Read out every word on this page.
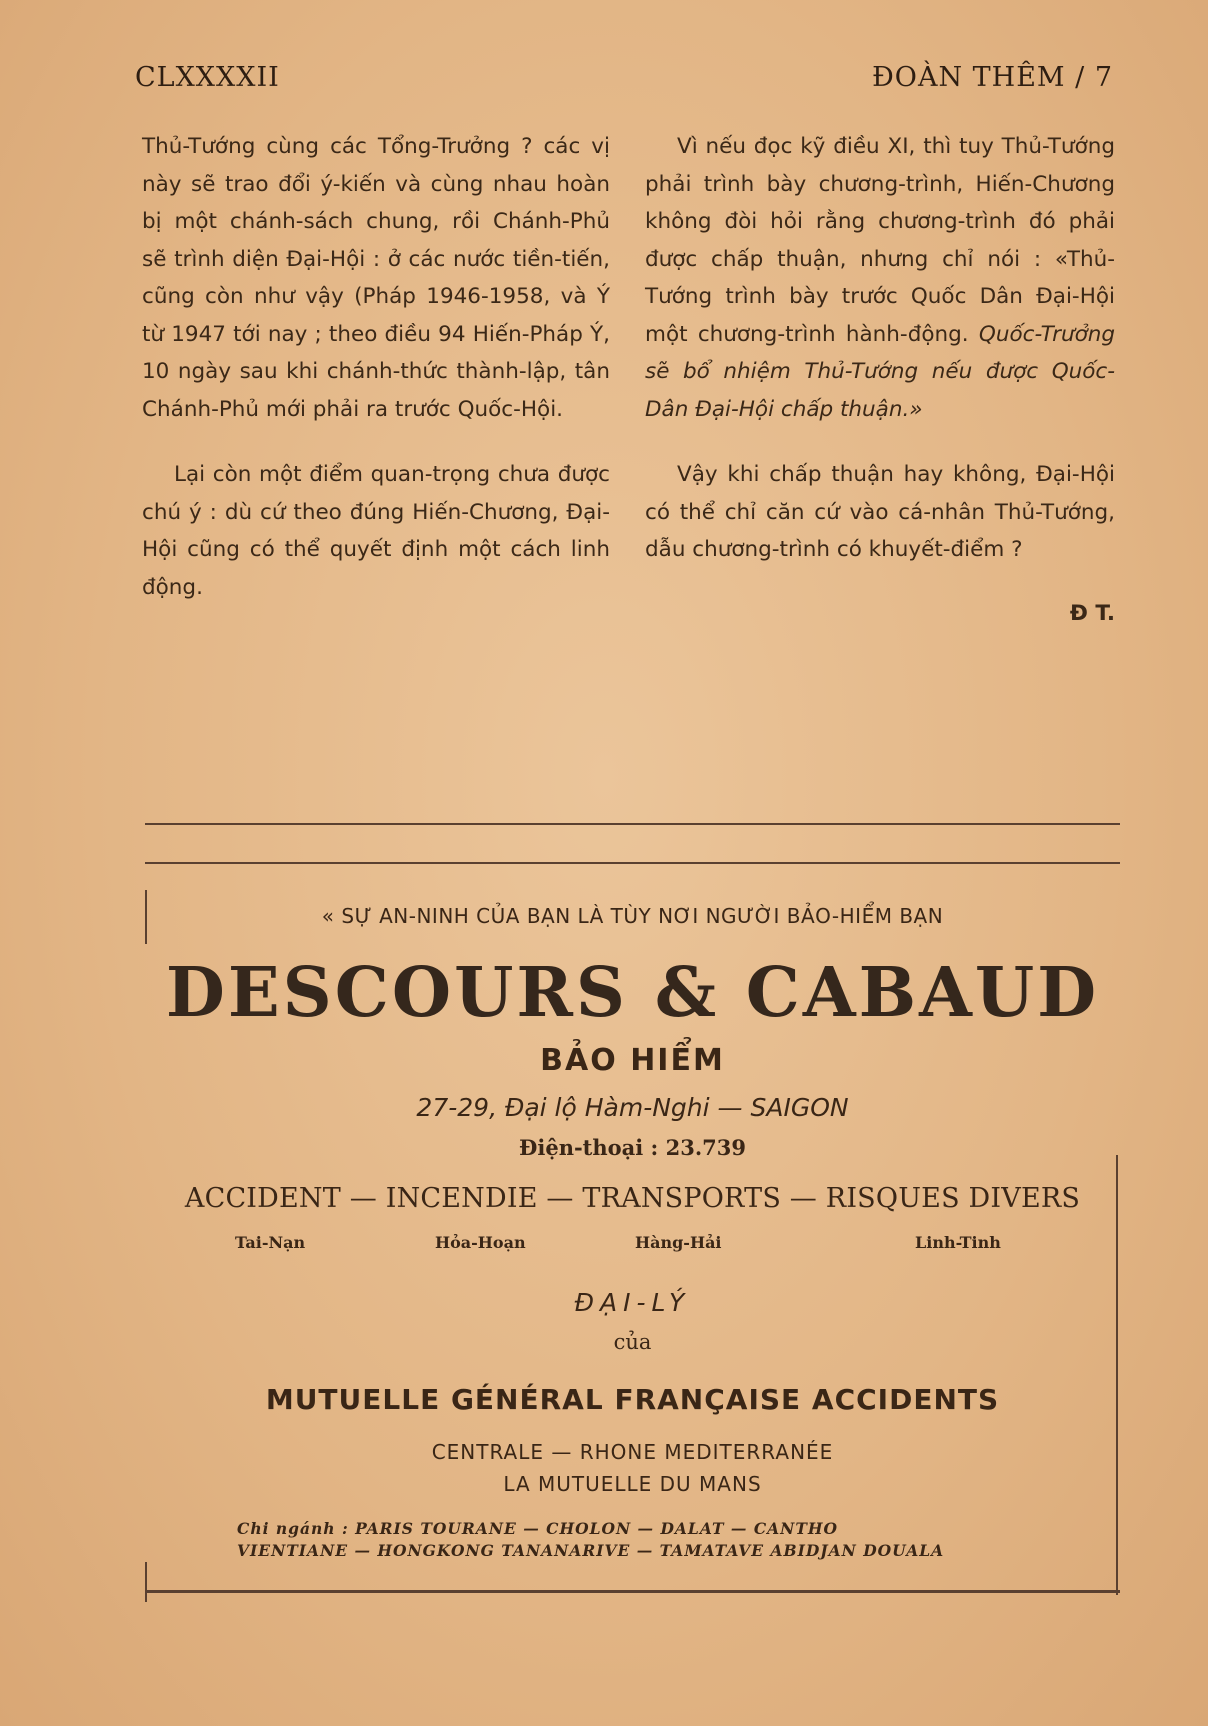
CLXXXXII	ĐOÀN THÊM / 7

Thủ-Tướng cùng các Tổng-Trưởng ? các vị này sẽ trao đổi ý-kiến và cùng nhau hoàn bị một chánh-sách chung, rồi Chánh-Phủ sẽ trình diện Đại-Hội : ở các nước tiền-tiến, cũng còn như vậy (Pháp 1946-1958, và Ý từ 1947 tới nay ; theo điều 94 Hiến-Pháp Ý, 10 ngày sau khi chánh-thức thành-lập, tân Chánh-Phủ mới phải ra trước Quốc-Hội.

Lại còn một điểm quan-trọng chưa được chú ý : dù cứ theo đúng Hiến-Chương, Đại-Hội cũng có thể quyết định một cách linh động.

Vì nếu đọc kỹ điều XI, thì tuy Thủ-Tướng phải trình bày chương-trình, Hiến-Chương không đòi hỏi rằng chương-trình đó phải được chấp thuận, nhưng chỉ nói : «Thủ-Tướng trình bày trước Quốc Dân Đại-Hội một chương-trình hành-động. Quốc-Trưởng sẽ bổ nhiệm Thủ-Tướng nếu được Quốc-Dân Đại-Hội chấp thuận.»

Vậy khi chấp thuận hay không, Đại-Hội có thể chỉ căn cứ vào cá-nhân Thủ-Tướng, dẫu chương-trình có khuyết-điểm ?

Đ T.
« SỰ AN-NINH CỦA BẠN LÀ TÙY NƠI NGƯỜI BẢO-HIỂM BẠN
DESCOURS & CABAUD
BẢO HIỂM
27-29, Đại lộ Hàm-Nghi — SAIGON
Điện-thoại : 23.739
ACCIDENT — INCENDIE — TRANSPORTS — RISQUES DIVERS
Tai-Nạn	Hỏa-Hoạn	Hàng-Hải	Linh-Tinh
ĐẠI-LÝ
của
MUTUELLE GÉNÉRAL FRANÇAISE ACCIDENTS
CENTRALE — RHONE MEDITERRANÉE
LA MUTUELLE DU MANS
Chi ngánh : PARIS TOURANE — CHOLON — DALAT — CANTHO
VIENTIANE — HONGKONG TANANARIVE — TAMATAVE ABIDJAN DOUALA
